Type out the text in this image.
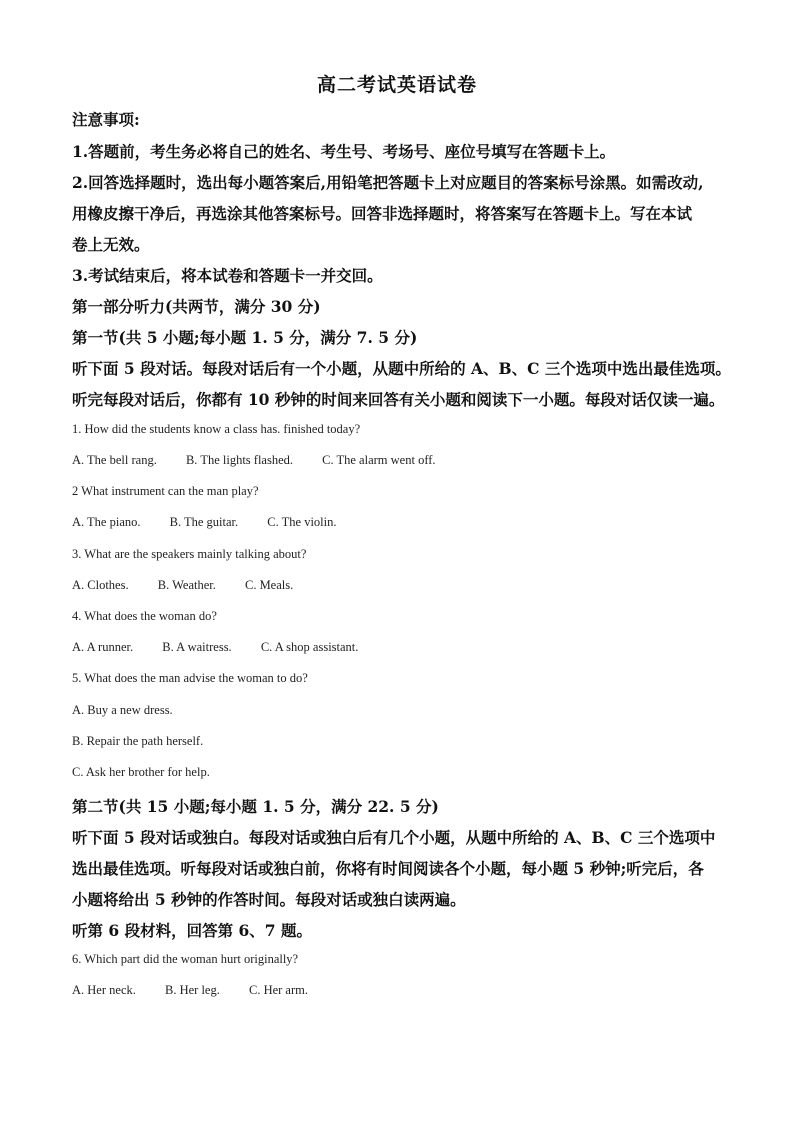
高二考试英语试卷
注意事项:
1.答题前，考生务必将自己的姓名、考生号、考场号、座位号填写在答题卡上。
2.回答选择题时，选出每小题答案后,用铅笔把答题卡上对应题目的答案标号涂黑。如需改动,
用橡皮擦干净后，再选涂其他答案标号。回答非选择题时，将答案写在答题卡上。写在本试
卷上无效。
3.考试结束后，将本试卷和答题卡一并交回。
第一部分听力(共两节，满分 30 分)
第一节(共 5 小题;每小题 1. 5 分，满分 7. 5 分)
听下面 5 段对话。每段对话后有一个小题，从题中所给的 A、B、C 三个选项中选出最佳选项。
听完每段对话后，你都有 10 秒钟的时间来回答有关小题和阅读下一小题。每段对话仅读一遍。
1. How did the students know a class has. finished today?
A. The bell rang. B. The lights flashed. C. The alarm went off.
2 What instrument can the man play?
A. The piano. B. The guitar. C. The violin.
3. What are the speakers mainly talking about?
A. Clothes. B. Weather. C. Meals.
4. What does the woman do?
A. A runner. B. A waitress. C. A shop assistant.
5. What does the man advise the woman to do?
A. Buy a new dress.
B. Repair the path herself.
C. Ask her brother for help.
第二节(共 15 小题;每小题 1. 5 分，满分 22. 5 分)
听下面 5 段对话或独白。每段对话或独白后有几个小题，从题中所给的 A、B、C 三个选项中
选出最佳选项。听每段对话或独白前，你将有时间阅读各个小题，每小题 5 秒钟;听完后，各
小题将给出 5 秒钟的作答时间。每段对话或独白读两遍。
听第 6 段材料，回答第 6、7 题。
6. Which part did the woman hurt originally?
A. Her neck. B. Her leg. C. Her arm.
